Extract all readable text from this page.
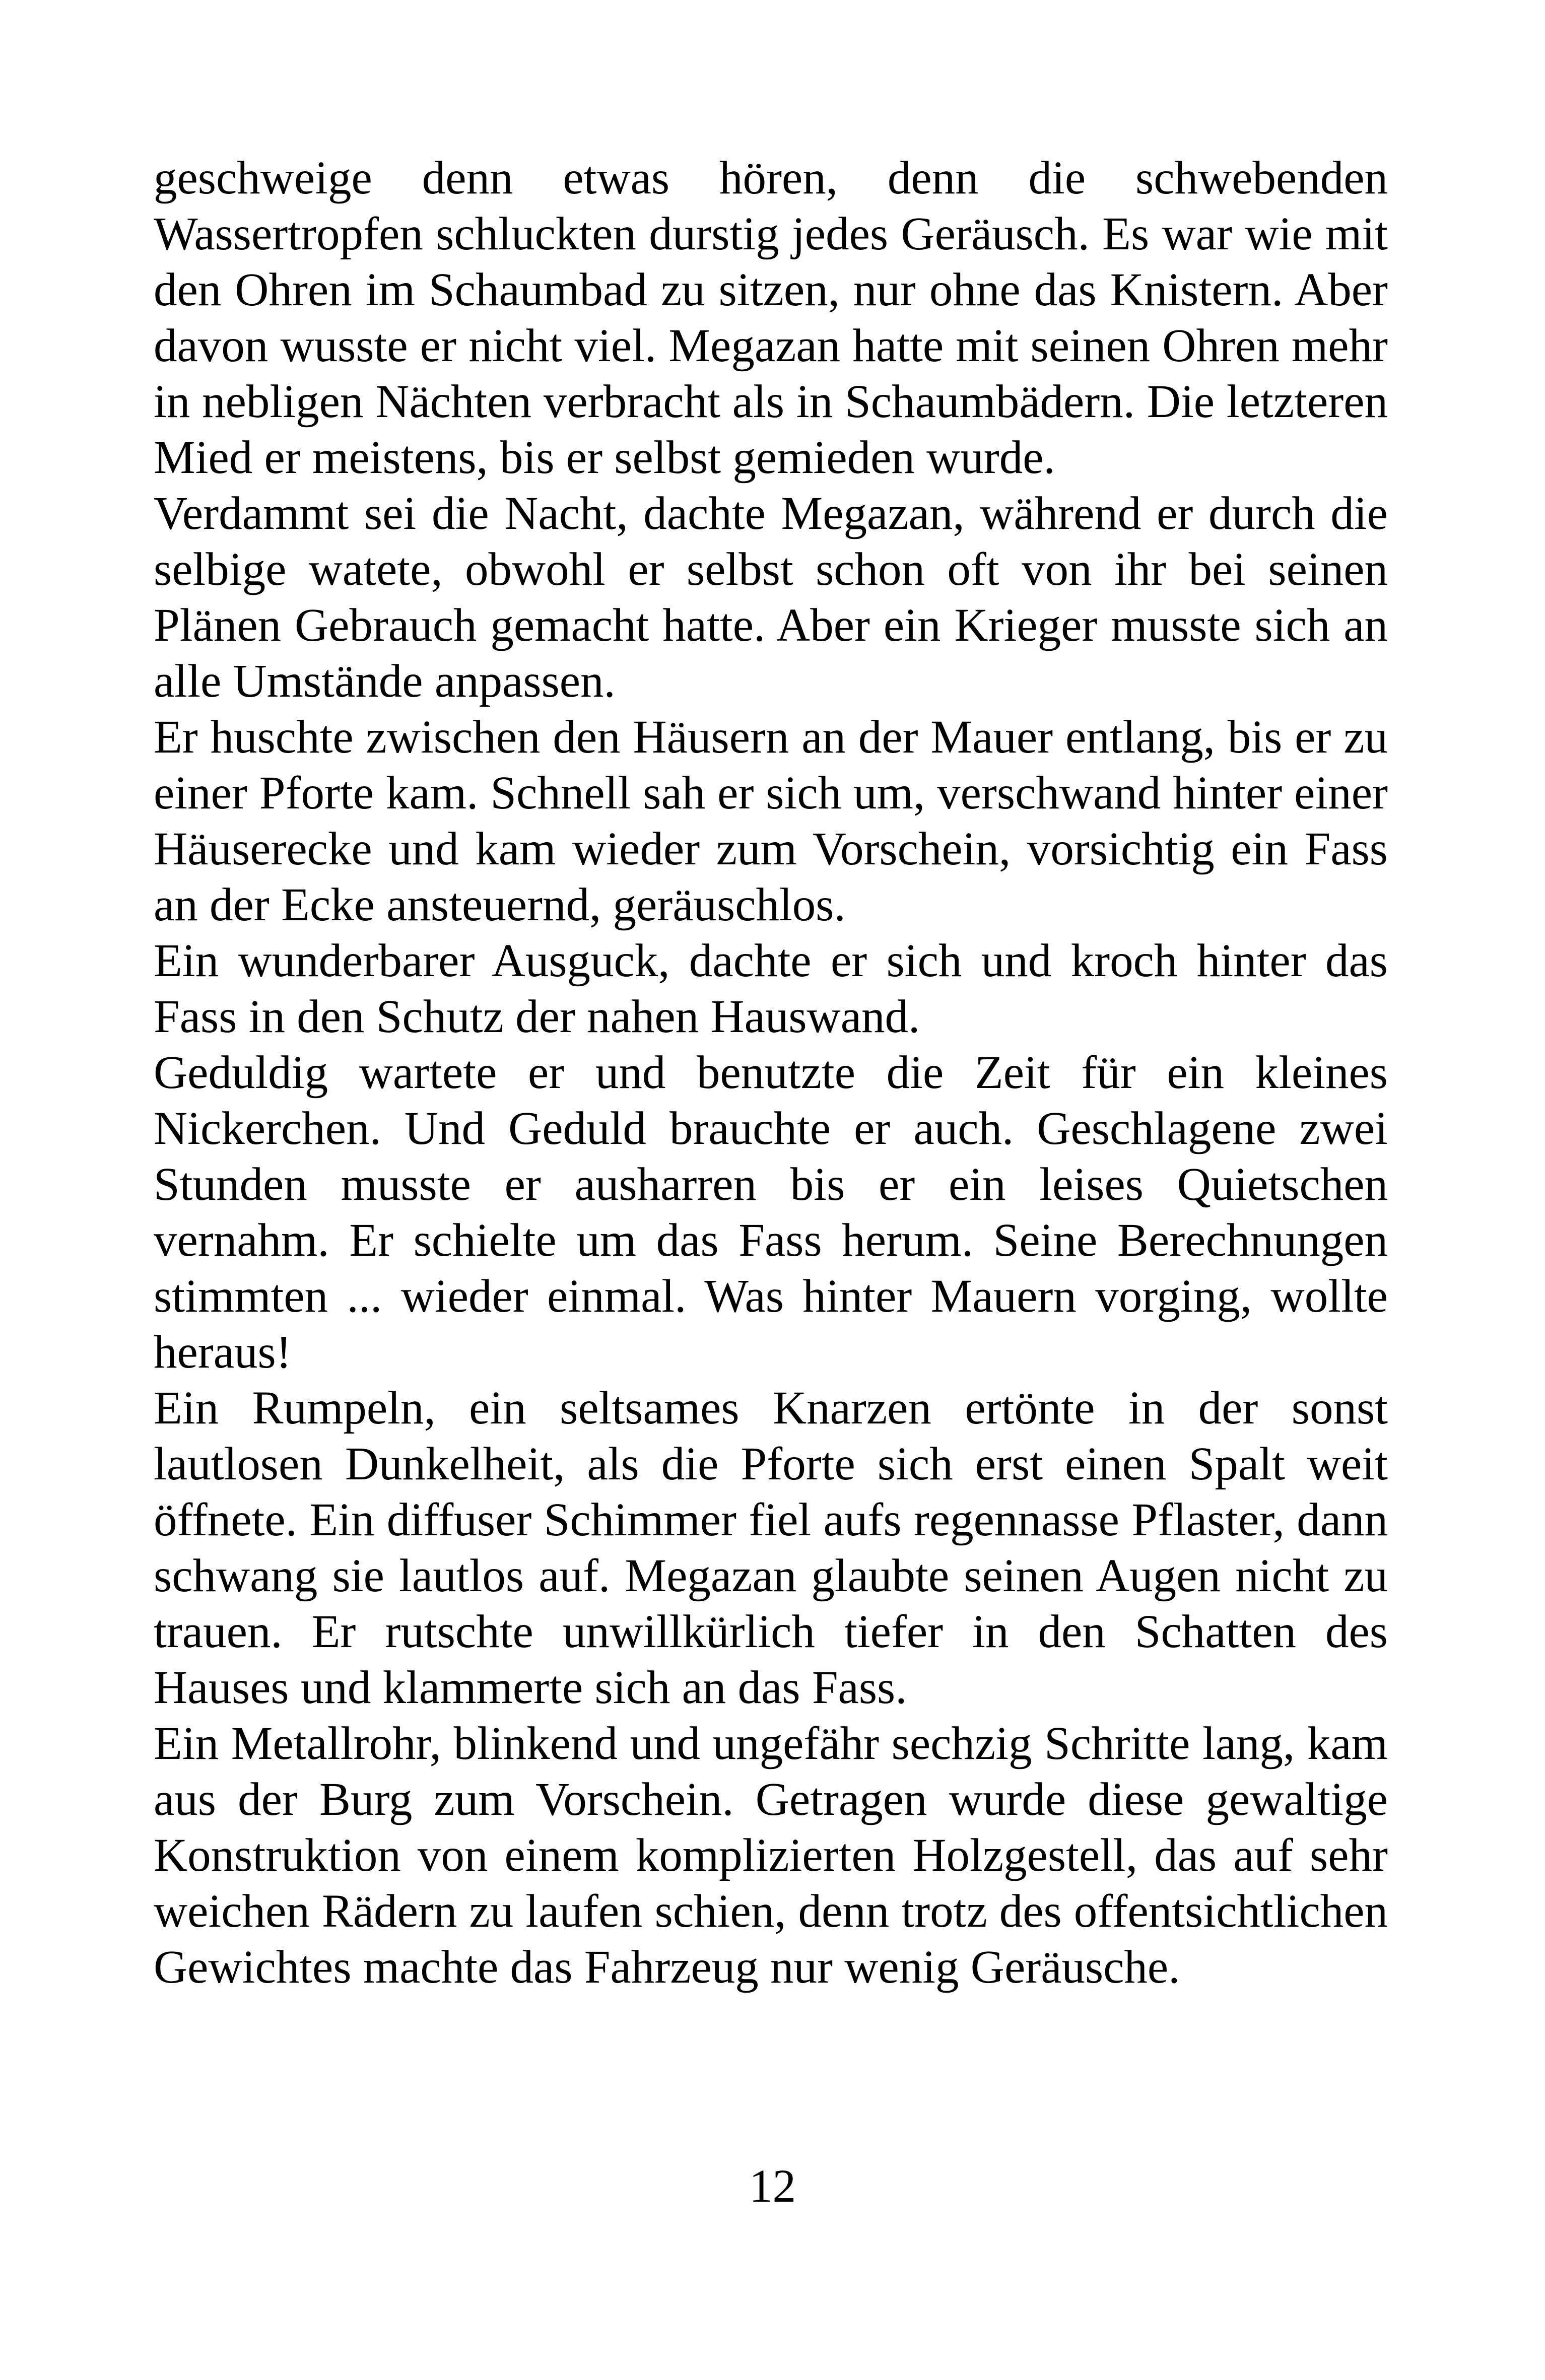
geschweige denn etwas hören, denn die schwebenden Wassertropfen schluckten durstig jedes Geräusch. Es war wie mit den Ohren im Schaumbad zu sitzen, nur ohne das Knistern. Aber davon wusste er nicht viel. Megazan hatte mit seinen Ohren mehr in nebligen Nächten verbracht als in Schaumbädern. Die letzteren Mied er meistens, bis er selbst gemieden wurde.

Verdammt sei die Nacht, dachte Megazan, während er durch die selbige watete, obwohl er selbst schon oft von ihr bei seinen Plänen Gebrauch gemacht hatte. Aber ein Krieger musste sich an alle Umstände anpassen.

Er huschte zwischen den Häusern an der Mauer entlang, bis er zu einer Pforte kam. Schnell sah er sich um, verschwand hinter einer Häuserecke und kam wieder zum Vorschein, vorsichtig ein Fass an der Ecke ansteuernd, geräuschlos.

Ein wunderbarer Ausguck, dachte er sich und kroch hinter das Fass in den Schutz der nahen Hauswand.

Geduldig wartete er und benutzte die Zeit für ein kleines Nickerchen. Und Geduld brauchte er auch. Geschlagene zwei Stunden musste er ausharren bis er ein leises Quietschen vernahm. Er schielte um das Fass herum. Seine Berechnungen stimmten ... wieder einmal. Was hinter Mauern vorging, wollte heraus!

Ein Rumpeln, ein seltsames Knarzen ertönte in der sonst lautlosen Dunkelheit, als die Pforte sich erst einen Spalt weit öffnete. Ein diffuser Schimmer fiel aufs regennasse Pflaster, dann schwang sie lautlos auf. Megazan glaubte seinen Augen nicht zu trauen. Er rutschte unwillkürlich tiefer in den Schatten des Hauses und klammerte sich an das Fass.

Ein Metallrohr, blinkend und ungefähr sechzig Schritte lang, kam aus der Burg zum Vorschein. Getragen wurde diese gewaltige Konstruktion von einem komplizierten Holzgestell, das auf sehr weichen Rädern zu laufen schien, denn trotz des offentsichtlichen Gewichtes machte das Fahrzeug nur wenig Geräusche.

12
